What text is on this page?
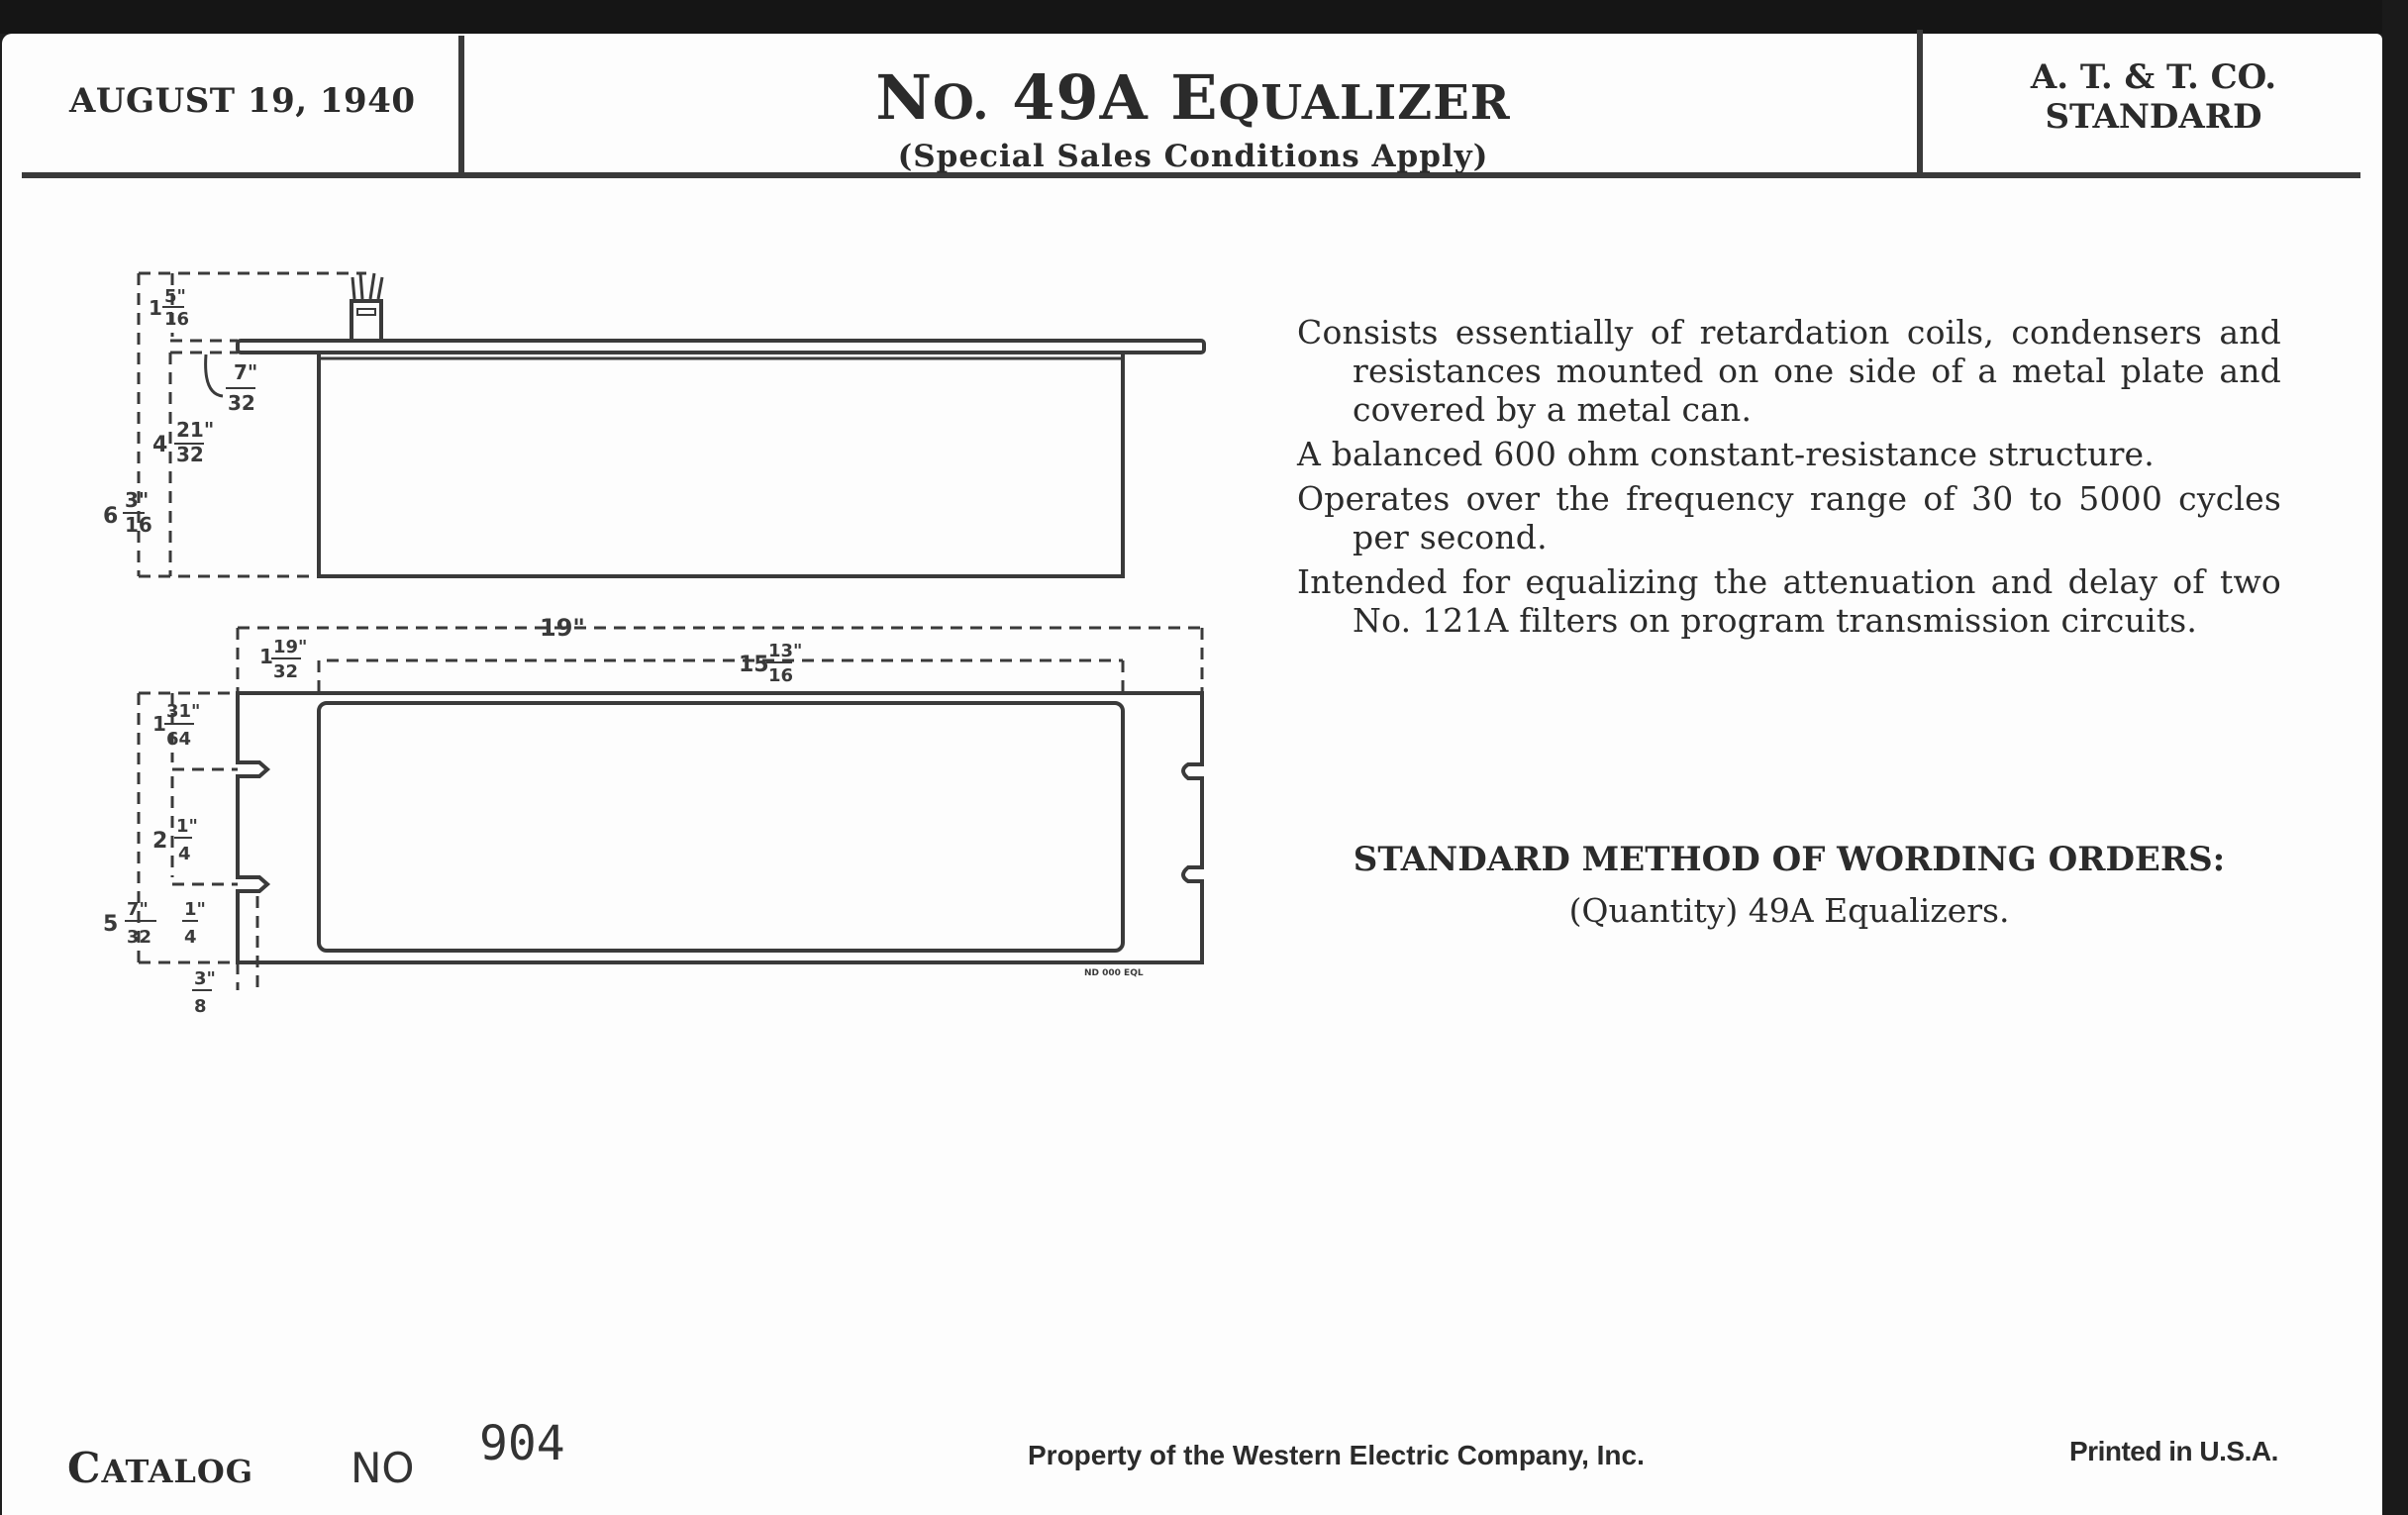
AUGUST 19, 1940	NO. 49A EQUALIZER
(Special Sales Conditions Apply)
A. T. & T. CO.
STANDARD
1 5"
16
7"
32
4
21"
32
6
3"
16
ND 000 EQL
19"
1 19"
32	15
13"
16
1
31"
64
2
1"
4
5
7"
32
1"
4
3"
8

Consists essentially of retardation coils, condensers and resistances mounted on one side of a metal plate and covered by a metal can.

A balanced 600 ohm constant-resistance structure.

Operates over the frequency range of 30 to 5000 cycles per second.

Intended for equalizing the attenuation and delay of two No. 121A filters on program transmission circuits.

STANDARD METHOD OF WORDING ORDERS:
(Quantity) 49A Equalizers.
CATALOG NO 904	Property of the Western Electric Company, Inc.	Printed in U.S.A.
